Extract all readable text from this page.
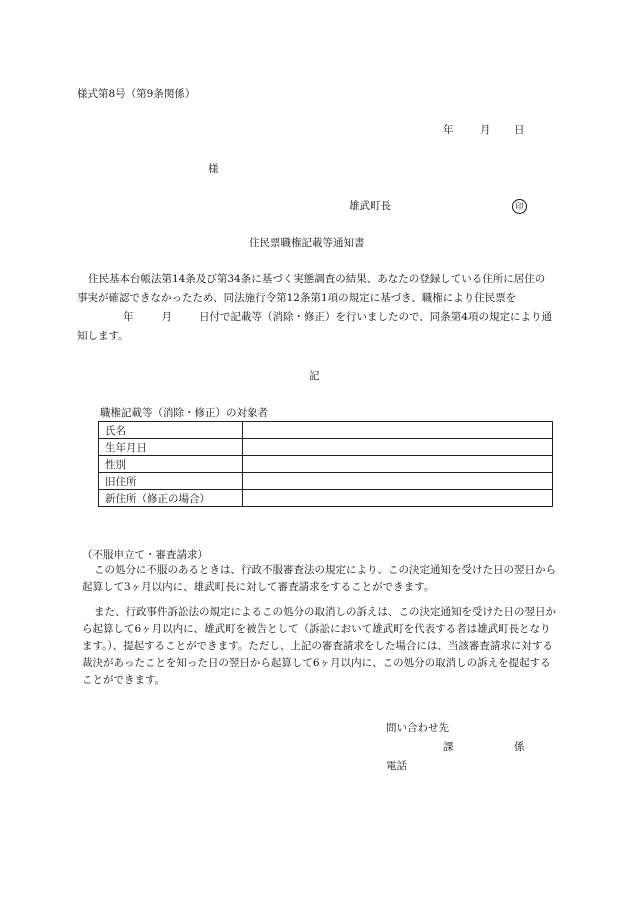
様式第8号（第9条関係）
年	月 日
様
雄武町長	印
住民票職権記載等通知書
住民基本台帳法第14条及び第34条に基づく実態調査の結果、あなたの登録している住所に居住の事実が確認できなかったため、同法施行令第12条第1項の規定に基づき、職権により住民票を年	月	日付で記載等（消除・修正）を行いましたので、同条第4項の規定により通知します。
記
職権記載等（消除・修正）の対象者
氏名	
生年月日	
性別	
旧住所	
新住所（修正の場合）	
（不服申立て・審査請求）
この処分に不服のあるときは、行政不服審査法の規定により、この決定通知を受けた日の翌日から起算して3ヶ月以内に、雄武町長に対して審査請求をすることができます。
また、行政事件訴訟法の規定によるこの処分の取消しの訴えは、この決定通知を受けた日の翌日から起算して6ヶ月以内に、雄武町を被告として（訴訟において雄武町を代表する者は雄武町長となります。）、提起することができます。ただし、上記の審査請求をした場合には、当該審査請求に対する裁決があったことを知った日の翌日から起算して6ヶ月以内に、この処分の取消しの訴えを提起することができます。
問い合わせ先
課	係
電話
